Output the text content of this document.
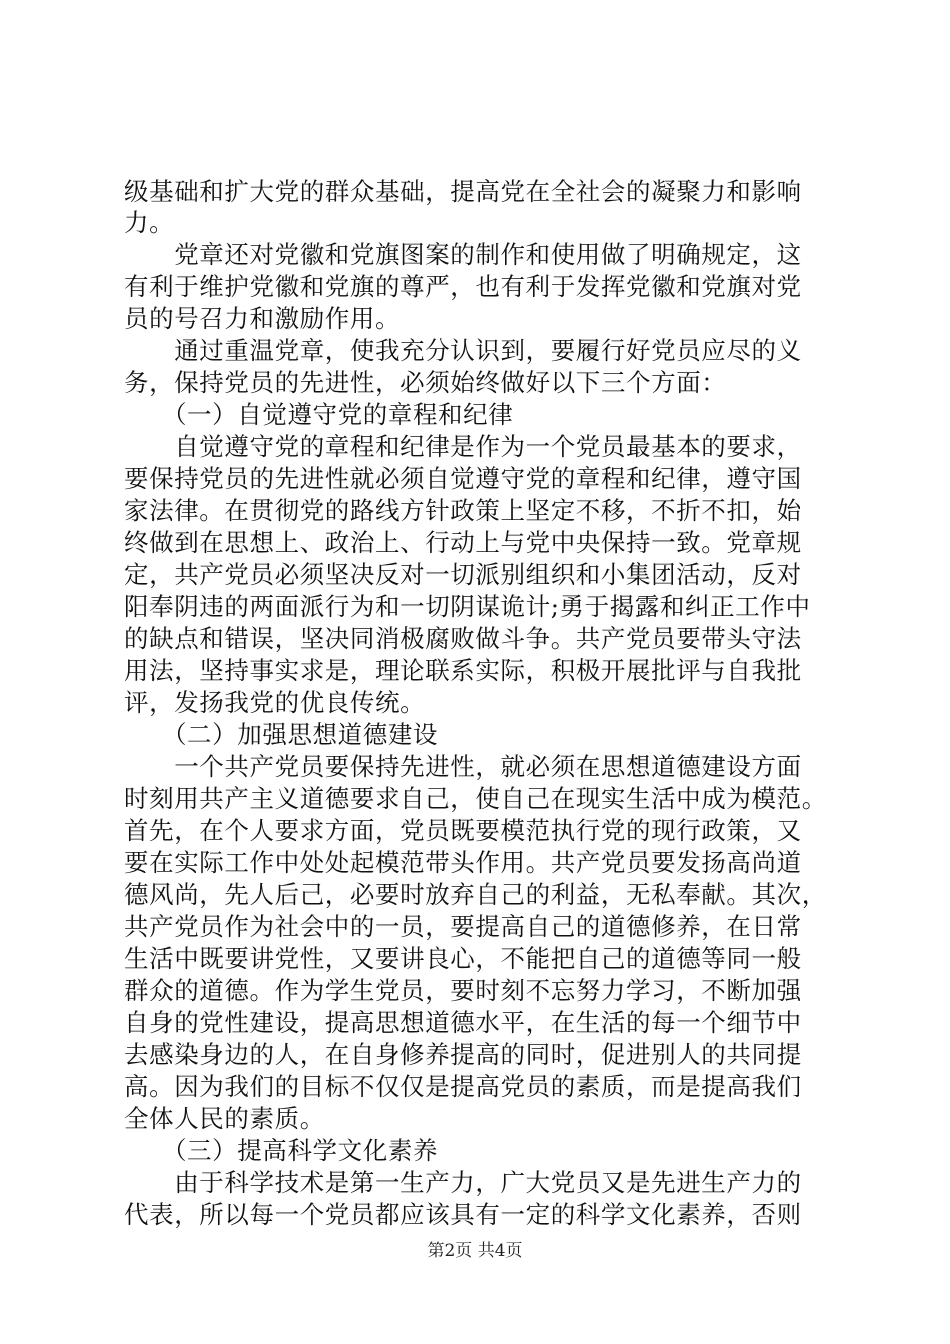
级基础和扩大党的群众基础，提高党在全社会的凝聚力和影响
力。
　　党章还对党徽和党旗图案的制作和使用做了明确规定，这
有利于维护党徽和党旗的尊严，也有利于发挥党徽和党旗对党
员的号召力和激励作用。
　　通过重温党章，使我充分认识到，要履行好党员应尽的义
务，保持党员的先进性，必须始终做好以下三个方面：
　　（一）自觉遵守党的章程和纪律
　　自觉遵守党的章程和纪律是作为一个党员最基本的要求，
要保持党员的先进性就必须自觉遵守党的章程和纪律，遵守国
家法律。在贯彻党的路线方针政策上坚定不移，不折不扣，始
终做到在思想上、政治上、行动上与党中央保持一致。党章规
定，共产党员必须坚决反对一切派别组织和小集团活动，反对
阳奉阴违的两面派行为和一切阴谋诡计;勇于揭露和纠正工作中
的缺点和错误，坚决同消极腐败做斗争。共产党员要带头守法
用法，坚持事实求是，理论联系实际，积极开展批评与自我批
评，发扬我党的优良传统。
　　（二）加强思想道德建设
　　一个共产党员要保持先进性，就必须在思想道德建设方面
时刻用共产主义道德要求自己，使自己在现实生活中成为模范。
首先，在个人要求方面，党员既要模范执行党的现行政策，又
要在实际工作中处处起模范带头作用。共产党员要发扬高尚道
德风尚，先人后己，必要时放弃自己的利益，无私奉献。其次，
共产党员作为社会中的一员，要提高自己的道德修养，在日常
生活中既要讲党性，又要讲良心，不能把自己的道德等同一般
群众的道德。作为学生党员，要时刻不忘努力学习，不断加强
自身的党性建设，提高思想道德水平，在生活的每一个细节中
去感染身边的人，在自身修养提高的同时，促进别人的共同提
高。因为我们的目标不仅仅是提高党员的素质，而是提高我们
全体人民的素质。
　　（三）提高科学文化素养
　　由于科学技术是第一生产力，广大党员又是先进生产力的
代表，所以每一个党员都应该具有一定的科学文化素养，否则
第2页 共4页
